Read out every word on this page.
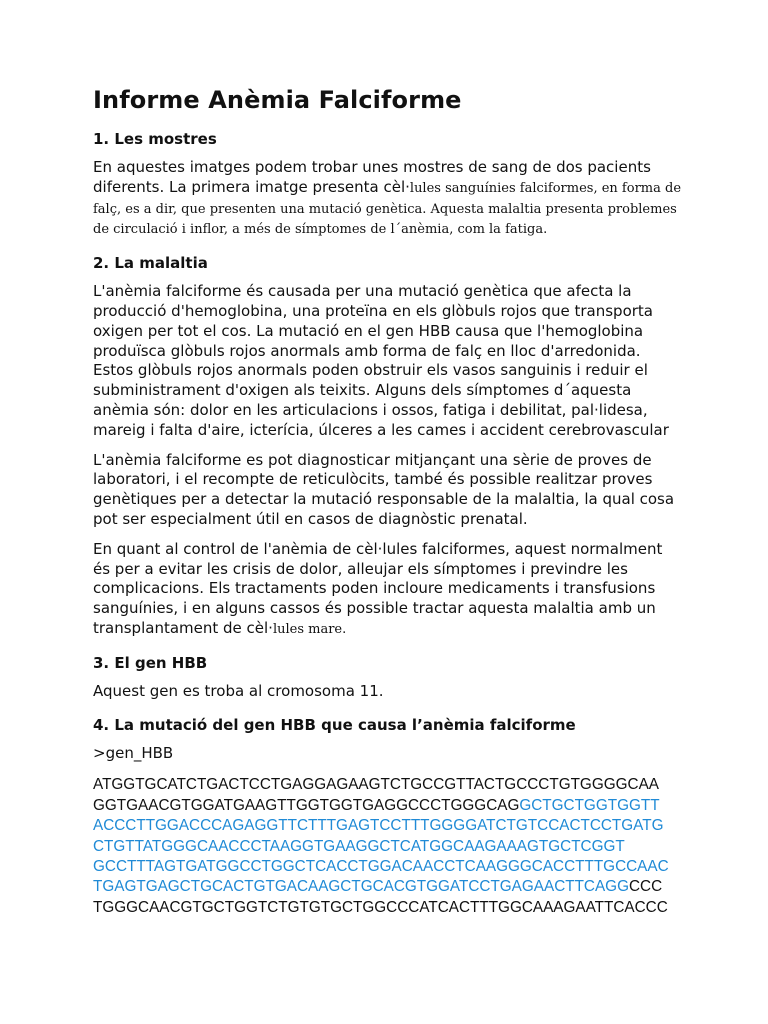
Informe Anèmia Falciforme
1. Les mostres

En aquestes imatges podem trobar unes mostres de sang de dos pacients diferents. La primera imatge presenta cèl·lules sanguínies falciformes, en forma de falç, es a dir, que presenten una mutació genètica. Aquesta malaltia presenta problemes de circulació i inflor, a més de símptomes de l´anèmia, com la fatiga.

2. La malaltia

L'anèmia falciforme és causada per una mutació genètica que afecta la producció d'hemoglobina, una proteïna en els glòbuls rojos que transporta oxigen per tot el cos. La mutació en el gen HBB causa que l'hemoglobina produïsca glòbuls rojos anormals amb forma de falç en lloc d'arredonida. Estos glòbuls rojos anormals poden obstruir els vasos sanguinis i reduir el subministrament d'oxigen als teixits. Alguns dels símptomes d´aquesta anèmia són: dolor en les articulacions i ossos, fatiga i debilitat, pal·lidesa, mareig i falta d'aire, icterícia, úlceres a les cames i accident cerebrovascular

L'anèmia falciforme es pot diagnosticar mitjançant una sèrie de proves de laboratori, i el recompte de reticulòcits, també és possible realitzar proves genètiques per a detectar la mutació responsable de la malaltia, la qual cosa pot ser especialment útil en casos de diagnòstic prenatal.

En quant al control de l'anèmia de cèl·lules falciformes, aquest normalment és per a evitar les crisis de dolor, alleujar els símptomes i previndre les complicacions. Els tractaments poden incloure medicaments i transfusions sanguínies, i en alguns cassos és possible tractar aquesta malaltia amb un transplantament de cèl·lules mare.

3. El gen HBB

Aquest gen es troba al cromosoma 11.

4. La mutació del gen HBB que causa l’anèmia falciforme

>gen_HBB

ATGGTGCATCTGACTCCTGAGGAGAAGTCTGCCGTTACTGCCCTGTGGGGCAA
GGTGAACGTGGATGAAGTTGGTGGTGAGGCCCTGGGCAGGCTGCTGGTGGTT
ACCCTTGGACCCAGAGGTTCTTTGAGTCCTTTGGGGATCTGTCCACTCCTGATG
CTGTTATGGGCAACCCTAAGGTGAAGGCTCATGGCAAGAAAGTGCTCGGT
GCCTTTAGTGATGGCCTGGCTCACCTGGACAACCTCAAGGGCACCTTTGCCAAC
TGAGTGAGCTGCACTGTGACAAGCTGCACGTGGATCCTGAGAACTTCAGGCCC
TGGGCAACGTGCTGGTCTGTGTGCTGGCCCATCACTTTGGCAAAGAATTCACCC
